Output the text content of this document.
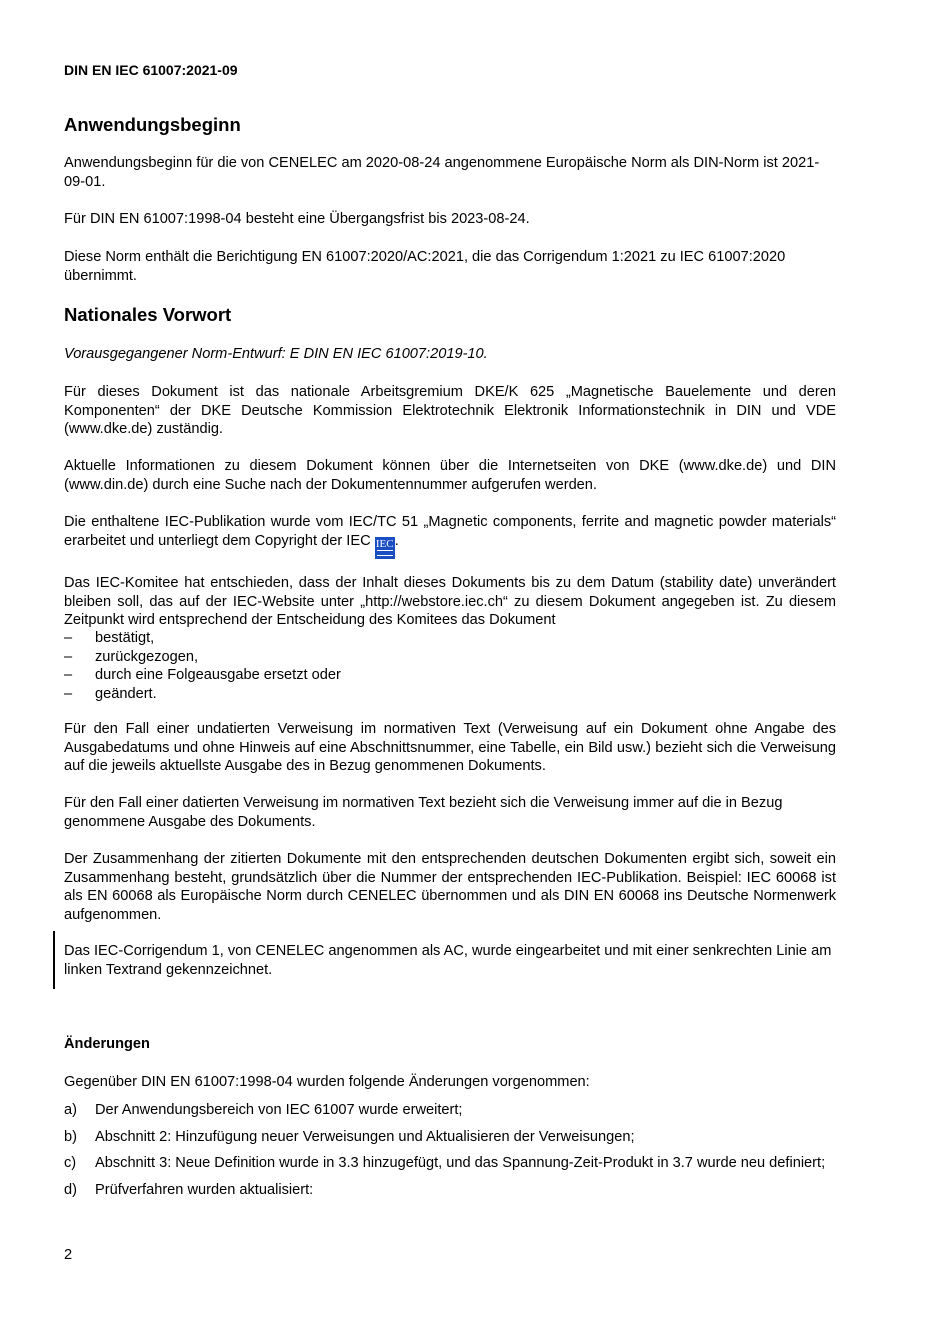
DIN EN IEC 61007:2021-09
Anwendungsbeginn
Anwendungsbeginn für die von CENELEC am 2020-08-24 angenommene Europäische Norm als DIN-Norm ist 2021-09-01.
Für DIN EN 61007:1998-04 besteht eine Übergangsfrist bis 2023-08-24.
Diese Norm enthält die Berichtigung EN 61007:2020/AC:2021, die das Corrigendum 1:2021 zu IEC 61007:2020 übernimmt.
Nationales Vorwort
Vorausgegangener Norm-Entwurf: E DIN EN IEC 61007:2019-10.
Für dieses Dokument ist das nationale Arbeitsgremium DKE/K 625 „Magnetische Bauelemente und deren Komponenten“ der DKE Deutsche Kommission Elektrotechnik Elektronik Informationstechnik in DIN und VDE (www.dke.de) zuständig.
Aktuelle Informationen zu diesem Dokument können über die Internetseiten von DKE (www.dke.de) und DIN (www.din.de) durch eine Suche nach der Dokumentennummer aufgerufen werden.
Die enthaltene IEC-Publikation wurde vom IEC/TC 51 „Magnetic components, ferrite and magnetic powder materials“ erarbeitet und unterliegt dem Copyright der IEC IEC
.
Das IEC-Komitee hat entschieden, dass der Inhalt dieses Dokuments bis zu dem Datum (stability date) unverändert bleiben soll, das auf der IEC-Website unter „http://webstore.iec.ch“ zu diesem Dokument angegeben ist. Zu diesem Zeitpunkt wird entsprechend der Entscheidung des Komitees das Dokument
– bestätigt,
– zurückgezogen,
– durch eine Folgeausgabe ersetzt oder
– geändert.
Für den Fall einer undatierten Verweisung im normativen Text (Verweisung auf ein Dokument ohne Angabe des Ausgabedatums und ohne Hinweis auf eine Abschnittsnummer, eine Tabelle, ein Bild usw.) bezieht sich die Verweisung auf die jeweils aktuellste Ausgabe des in Bezug genommenen Dokuments.
Für den Fall einer datierten Verweisung im normativen Text bezieht sich die Verweisung immer auf die in Bezug genommene Ausgabe des Dokuments.
Der Zusammenhang der zitierten Dokumente mit den entsprechenden deutschen Dokumenten ergibt sich, soweit ein Zusammenhang besteht, grundsätzlich über die Nummer der entsprechenden IEC-Publikation. Beispiel: IEC 60068 ist als EN 60068 als Europäische Norm durch CENELEC übernommen und als DIN EN 60068 ins Deutsche Normenwerk aufgenommen.
Das IEC-Corrigendum 1, von CENELEC angenommen als AC, wurde eingearbeitet und mit einer senkrechten Linie am linken Textrand gekennzeichnet.
Änderungen
Gegenüber DIN EN 61007:1998-04 wurden folgende Änderungen vorgenommen:
a) Der Anwendungsbereich von IEC 61007 wurde erweitert;
b) Abschnitt 2: Hinzufügung neuer Verweisungen und Aktualisieren der Verweisungen;
c) Abschnitt 3: Neue Definition wurde in 3.3 hinzugefügt, und das Spannung-Zeit-Produkt in 3.7 wurde neu definiert;
d) Prüfverfahren wurden aktualisiert:
2
